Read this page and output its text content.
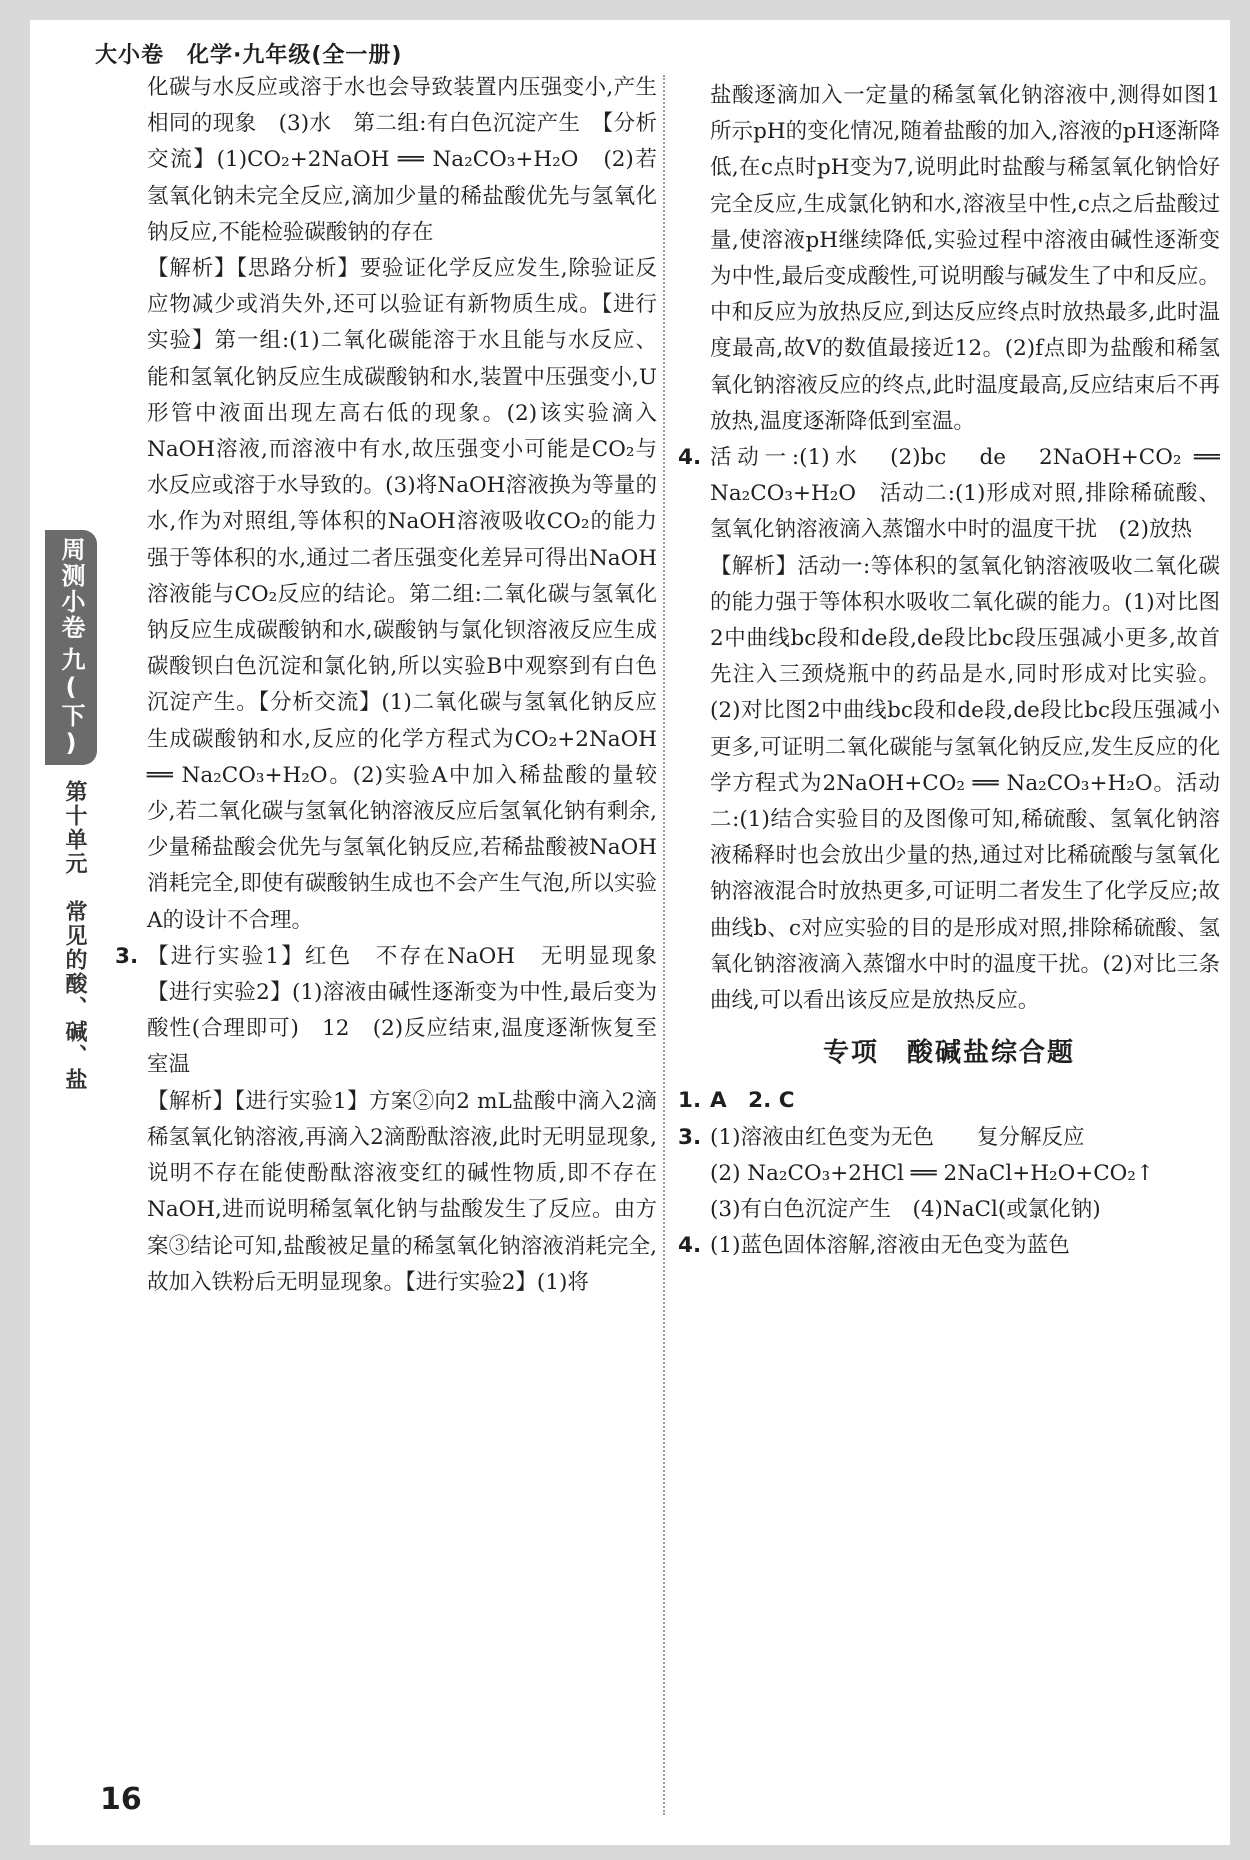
大小卷　化学·九年级(全一册)
周测小卷
九(下)
第十单元　常见的酸、碱、盐

化碳与水反应或溶于水也会导致装置内压强变小,产生相同的现象　(3)水　第二组:有白色沉淀产生　【分析交流】(1)CO₂+2NaOH ══ Na₂CO₃+H₂O　(2)若氢氧化钠未完全反应,滴加少量的稀盐酸优先与氢氧化钠反应,不能检验碳酸钠的存在

【解析】【思路分析】要验证化学反应发生,除验证反应物减少或消失外,还可以验证有新物质生成。【进行实验】第一组:(1)二氧化碳能溶于水且能与水反应、能和氢氧化钠反应生成碳酸钠和水,装置中压强变小,U形管中液面出现左高右低的现象。(2)该实验滴入NaOH溶液,而溶液中有水,故压强变小可能是CO₂与水反应或溶于水导致的。(3)将NaOH溶液换为等量的水,作为对照组,等体积的NaOH溶液吸收CO₂的能力强于等体积的水,通过二者压强变化差异可得出NaOH溶液能与CO₂反应的结论。第二组:二氧化碳与氢氧化钠反应生成碳酸钠和水,碳酸钠与氯化钡溶液反应生成碳酸钡白色沉淀和氯化钠,所以实验B中观察到有白色沉淀产生。【分析交流】(1)二氧化碳与氢氧化钠反应生成碳酸钠和水,反应的化学方程式为CO₂+2NaOH ══ Na₂CO₃+H₂O。(2)实验A中加入稀盐酸的量较少,若二氧化碳与氢氧化钠溶液反应后氢氧化钠有剩余,少量稀盐酸会优先与氢氧化钠反应,若稀盐酸被NaOH消耗完全,即使有碳酸钠生成也不会产生气泡,所以实验A的设计不合理。

3. 【进行实验1】红色　不存在NaOH　无明显现象　【进行实验2】(1)溶液由碱性逐渐变为中性,最后变为酸性(合理即可)　12　(2)反应结束,温度逐渐恢复至室温

【解析】【进行实验1】方案②向2 mL盐酸中滴入2滴稀氢氧化钠溶液,再滴入2滴酚酞溶液,此时无明显现象,说明不存在能使酚酞溶液变红的碱性物质,即不存在NaOH,进而说明稀氢氧化钠与盐酸发生了反应。由方案③结论可知,盐酸被足量的稀氢氧化钠溶液消耗完全,故加入铁粉后无明显现象。【进行实验2】(1)将

盐酸逐滴加入一定量的稀氢氧化钠溶液中,测得如图1所示pH的变化情况,随着盐酸的加入,溶液的pH逐渐降低,在c点时pH变为7,说明此时盐酸与稀氢氧化钠恰好完全反应,生成氯化钠和水,溶液呈中性,c点之后盐酸过量,使溶液pH继续降低,实验过程中溶液由碱性逐渐变为中性,最后变成酸性,可说明酸与碱发生了中和反应。中和反应为放热反应,到达反应终点时放热最多,此时温度最高,故V的数值最接近12。(2)f点即为盐酸和稀氢氧化钠溶液反应的终点,此时温度最高,反应结束后不再放热,温度逐渐降低到室温。

4. 活动一:(1)水　(2)bc　de　2NaOH+CO₂ ══ Na₂CO₃+H₂O　活动二:(1)形成对照,排除稀硫酸、氢氧化钠溶液滴入蒸馏水中时的温度干扰　(2)放热

【解析】活动一:等体积的氢氧化钠溶液吸收二氧化碳的能力强于等体积水吸收二氧化碳的能力。(1)对比图2中曲线bc段和de段,de段比bc段压强减小更多,故首先注入三颈烧瓶中的药品是水,同时形成对比实验。(2)对比图2中曲线bc段和de段,de段比bc段压强减小更多,可证明二氧化碳能与氢氧化钠反应,发生反应的化学方程式为2NaOH+CO₂ ══ Na₂CO₃+H₂O。活动二:(1)结合实验目的及图像可知,稀硫酸、氢氧化钠溶液稀释时也会放出少量的热,通过对比稀硫酸与氢氧化钠溶液混合时放热更多,可证明二者发生了化学反应;故曲线b、c对应实验的目的是形成对照,排除稀硫酸、氢氧化钠溶液滴入蒸馏水中时的温度干扰。(2)对比三条曲线,可以看出该反应是放热反应。

专项　酸碱盐综合题

1. A　2. C

3. (1)溶液由红色变为无色　　复分解反应

(2) Na₂CO₃+2HCl ══ 2NaCl+H₂O+CO₂↑

(3)有白色沉淀产生　(4)NaCl(或氯化钠)

4. (1)蓝色固体溶解,溶液由无色变为蓝色

16
